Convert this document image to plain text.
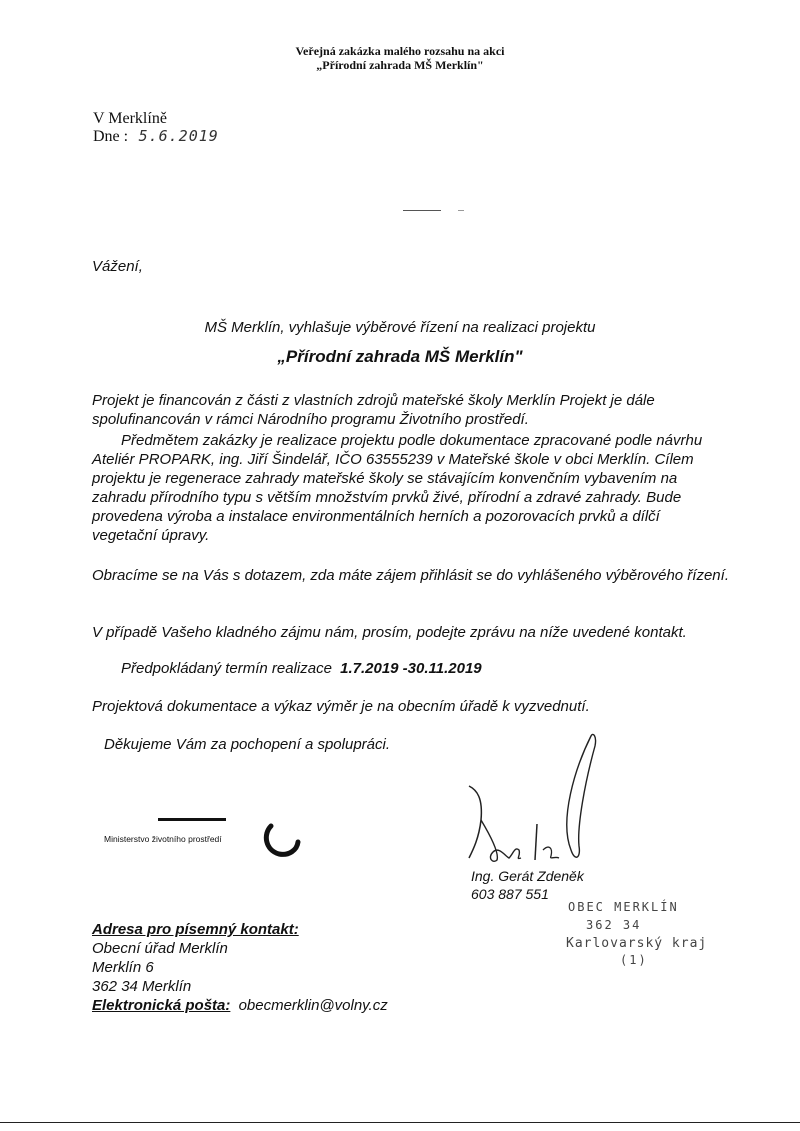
Veřejná zakázka malého rozsahu na akci
„Přírodní zahrada MŠ Merklín"
V Merklíně
Dne : 5.6.2019
Vážení,
MŠ Merklín, vyhlašuje výběrové řízení na realizaci projektu
„Přírodní zahrada MŠ Merklín"
Projekt je financován z části z vlastních zdrojů mateřské školy Merklín Projekt je dále
spolufinancován v rámci Národního programu Životního prostředí.
Předmětem zakázky je realizace projektu podle dokumentace zpracované podle návrhu
Ateliér PROPARK, ing. Jiří Šindelář, IČO 63555239 v Mateřské škole v obci Merklín. Cílem
projektu je regenerace zahrady mateřské školy se stávajícím konvenčním vybavením na
zahradu přírodního typu s větším množstvím prvků živé, přírodní a zdravé zahrady. Bude
provedena výroba a instalace environmentálních herních a pozorovacích prvků a dílčí
vegetační úpravy.
Obracíme se na Vás s dotazem, zda máte zájem přihlásit se do vyhlášeného výběrového řízení.
V případě Vašeho kladného zájmu nám, prosím, podejte zprávu na níže uvedené kontakt.
Předpokládaný termín realizace 1.7.2019 -30.11.2019
Projektová dokumentace a výkaz výměr je na obecním úřadě k vyzvednutí.
Děkujeme Vám za pochopení a spolupráci.
Ministerstvo životního prostředí
Ing. Gerát Zdeněk
603 887 551
OBEC MERKLÍN
362 34
Karlovarský kraj
(1)
Adresa pro písemný kontakt:
Obecní úřad Merklín
Merklín 6
362 34 Merklín
Elektronická pošta: obecmerklin@volny.cz
